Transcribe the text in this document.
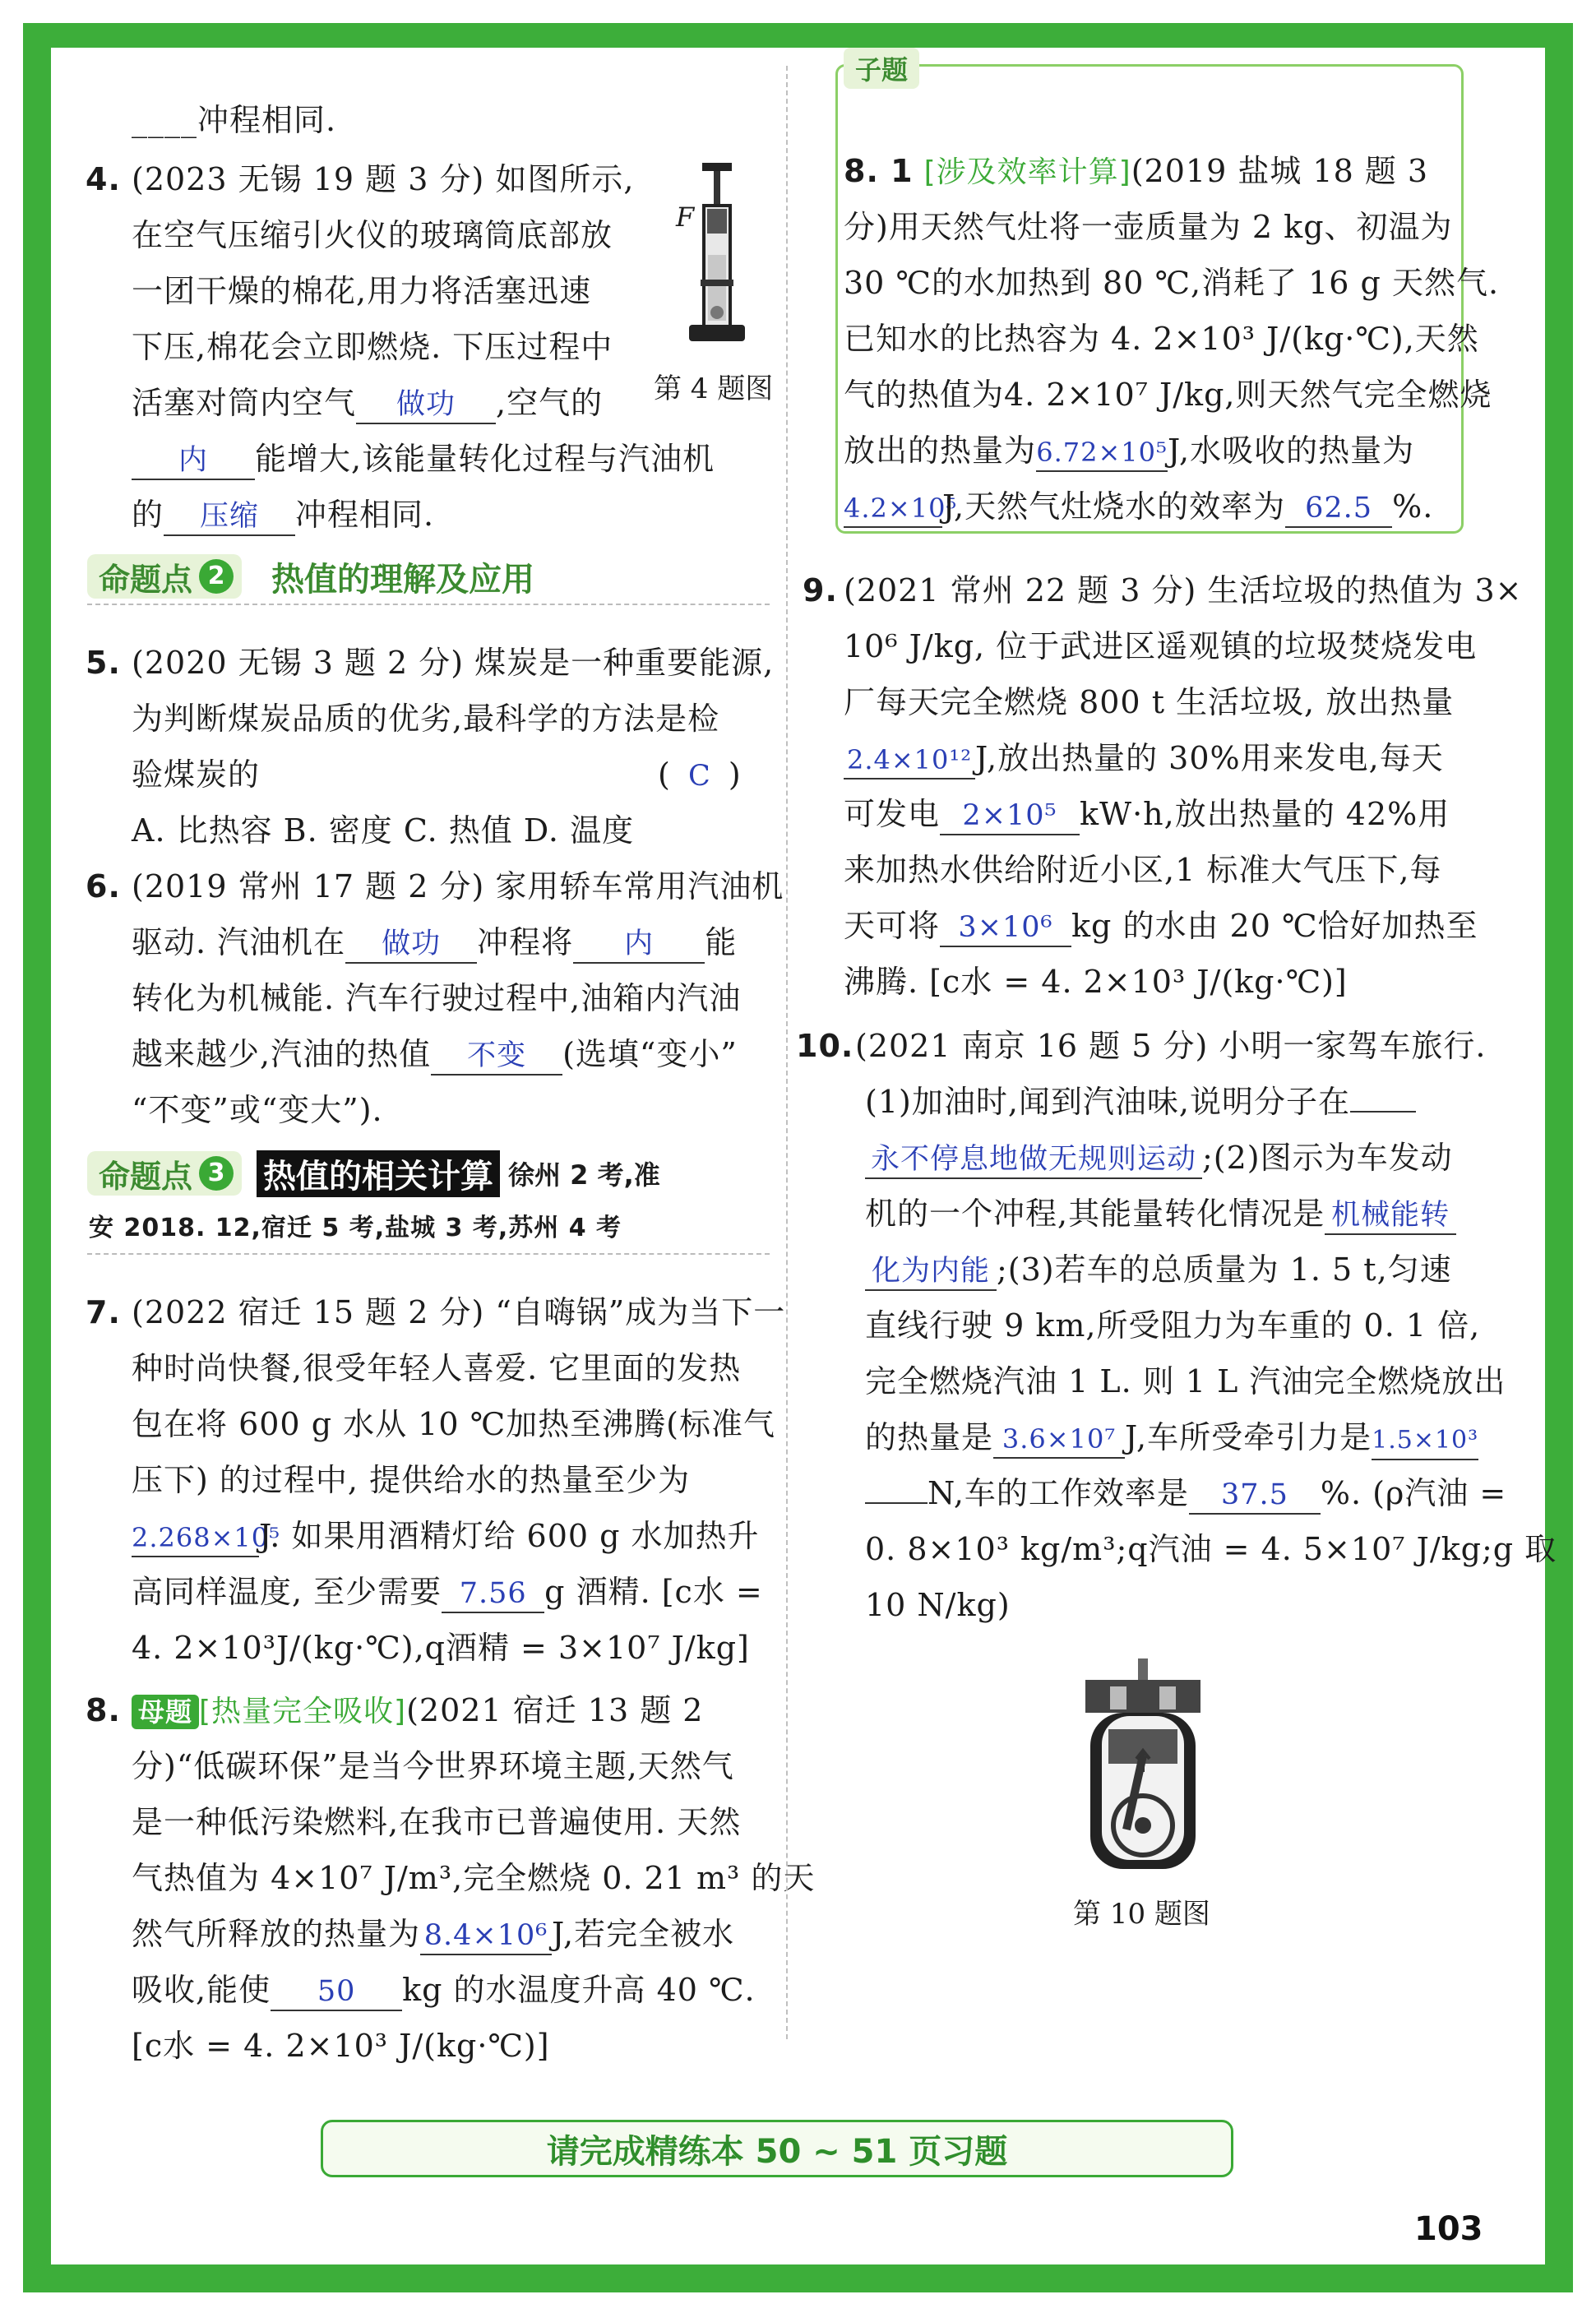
____冲程相同.
4. (2023 无锡 19 题 3 分) 如图所示,
在空气压缩引火仪的玻璃筒底部放
一团干燥的棉花,用力将活塞迅速
下压,棉花会立即燃烧. 下压过程中
活塞对筒内空气 做功 ,空气的
内 能增大,该能量转化过程与汽油机
的 压缩 冲程相同.
F
第 4 题图
命题点 2 热值的理解及应用
5. (2020 无锡 3 题 2 分) 煤炭是一种重要能源,
为判断煤炭品质的优劣,最科学的方法是检
验煤炭的	( C )
A. 比热容 B. 密度 C. 热值 D. 温度
6. (2019 常州 17 题 2 分) 家用轿车常用汽油机
驱动. 汽油机在 做功 冲程将 内 能
转化为机械能. 汽车行驶过程中,油箱内汽油
越来越少,汽油的热值 不变 (选填“变小”
“不变”或“变大”).
命题点 3 热值的相关计算 徐州 2 考,准
安 2018. 12,宿迁 5 考,盐城 3 考,苏州 4 考
7. (2022 宿迁 15 题 2 分) “自嗨锅”成为当下一
种时尚快餐,很受年轻人喜爱. 它里面的发热
包在将 600 g 水从 10 ℃加热至沸腾(标准气
压下) 的过程中, 提供给水的热量至少为
2.268×10⁵J. 如果用酒精灯给 600 g 水加热升
高同样温度, 至少需要 7.56 g 酒精. [c水 =
4. 2×10³J/(kg·℃),q酒精 = 3×10⁷ J/kg]
8. 母题 [热量完全吸收](2021 宿迁 13 题 2
分)“低碳环保”是当今世界环境主题,天然气
是一种低污染燃料,在我市已普遍使用. 天然
气热值为 4×10⁷ J/m³,完全燃烧 0. 21 m³ 的天
然气所释放的热量为 8.4×10⁶ J,若完全被水
吸收,能使 50 kg 的水温度升高 40 ℃.
[c水 = 4. 2×10³ J/(kg·℃)]
子题
8. 1 [涉及效率计算](2019 盐城 18 题 3
分)用天然气灶将一壶质量为 2 kg、初温为
30 ℃的水加热到 80 ℃,消耗了 16 g 天然气.
已知水的比热容为 4. 2×10³ J/(kg·℃),天然
气的热值为4. 2×10⁷ J/kg,则天然气完全燃烧
放出的热量为6.72×10⁵J,水吸收的热量为
4.2×10⁵J,天然气灶烧水的效率为 62.5 %.
9. (2021 常州 22 题 3 分) 生活垃圾的热值为 3×
10⁶ J/kg, 位于武进区遥观镇的垃圾焚烧发电
厂每天完全燃烧 800 t 生活垃圾, 放出热量
2.4×10¹² J,放出热量的 30%用来发电,每天
可发电 2×10⁵ kW·h,放出热量的 42%用
来加热水供给附近小区,1 标准大气压下,每
天可将 3×10⁶ kg 的水由 20 ℃恰好加热至
沸腾. [c水 = 4. 2×10³ J/(kg·℃)]
10. (2021 南京 16 题 5 分) 小明一家驾车旅行.
(1)加油时,闻到汽油味,说明分子在
永不停息地做无规则运动 ;(2)图示为车发动
机的一个冲程,其能量转化情况是 机械能转
化为内能 ;(3)若车的总质量为 1. 5 t,匀速
直线行驶 9 km,所受阻力为车重的 0. 1 倍,
完全燃烧汽油 1 L. 则 1 L 汽油完全燃烧放出
的热量是 3.6×10⁷ J,车所受牵引力是1.5×10³
N,车的工作效率是 37.5 %. (ρ汽油 =
0. 8×10³ kg/m³;q汽油 = 4. 5×10⁷ J/kg;g 取
10 N/kg)
第 10 题图
请完成精练本 50 ~ 51 页习题
103
